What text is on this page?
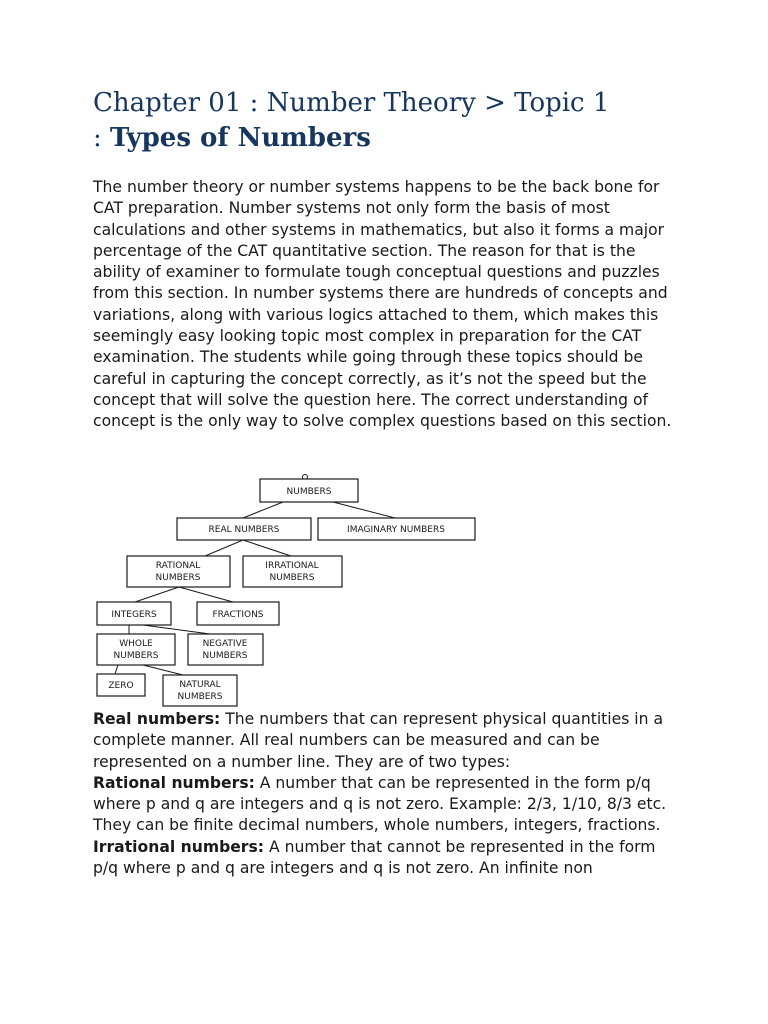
Chapter 01 : Number Theory > Topic 1
: Types of Numbers

The number theory or number systems happens to be the back bone for CAT preparation. Number systems not only form the basis of most calculations and other systems in mathematics, but also it forms a major percentage of the CAT quantitative section. The reason for that is the ability of examiner to formulate tough conceptual questions and puzzles from this section. In number systems there are hundreds of concepts and variations, along with various logics attached to them, which makes this seemingly easy looking topic most complex in preparation for the CAT examination. The students while going through these topics should be careful in capturing the concept correctly, as it’s not the speed but the concept that will solve the question here. The correct understanding of concept is the only way to solve complex questions based on this section.

NUMBERS
REAL NUMBERS	IMAGINARY NUMBERS
RATIONAL
NUMBERS
IRRATIONAL
NUMBERS
INTEGERS	FRACTIONS
WHOLE
NUMBERS
NEGATIVE
NUMBERS
ZERO	NATURAL
NUMBERS

Real numbers: The numbers that can represent physical quantities in a complete manner. All real numbers can be measured and can be represented on a number line. They are of two types:

Rational numbers: A number that can be represented in the form p/q where p and q are integers and q is not zero. Example: 2/3, 1/10, 8/3 etc. They can be finite decimal numbers, whole numbers, integers, fractions.

Irrational numbers: A number that cannot be represented in the form p/q where p and q are integers and q is not zero. An infinite non
